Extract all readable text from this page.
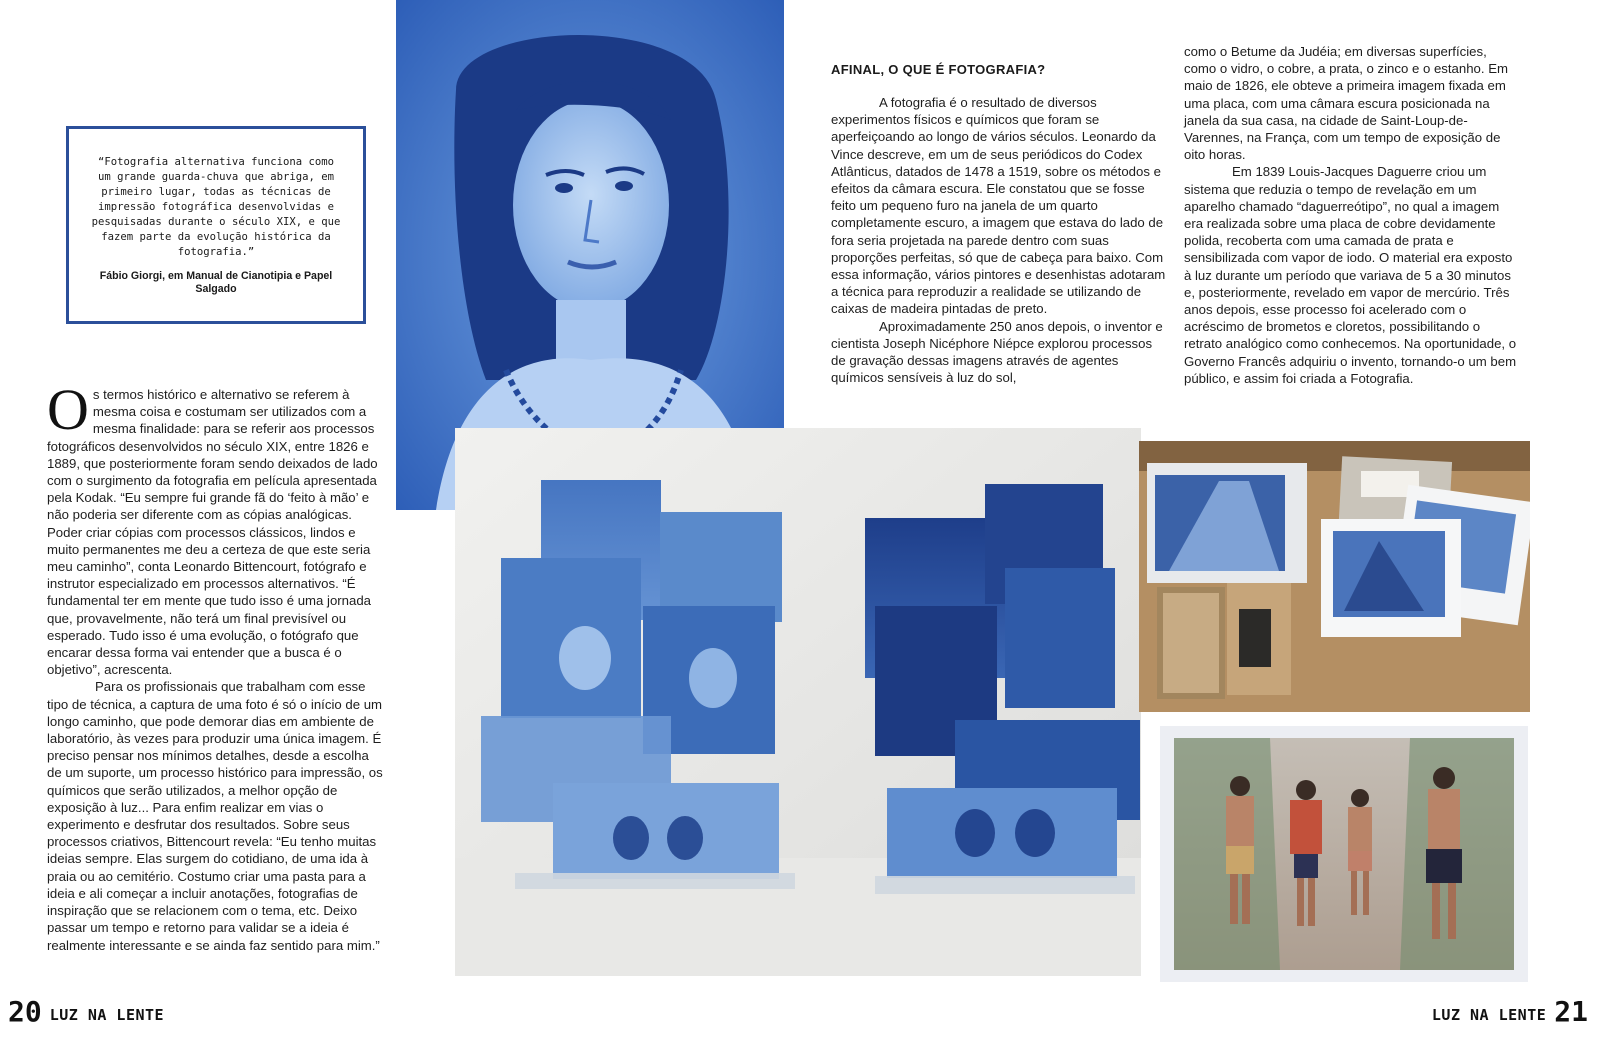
“Fotografia alternativa funciona como um grande guarda-chuva que abriga, em primeiro lugar, todas as técnicas de impressão fotográfica desenvolvidas e pesquisadas durante o século XIX, e que fazem parte da evolução histórica da fotografia.”
Fábio Giorgi, em Manual de Cianotipia e Papel Salgado

Os termos histórico e alternativo se referem à mesma coisa e costumam ser utilizados com a mesma finalidade: para se referir aos processos fotográficos desenvolvidos no século XIX, entre 1826 e 1889, que posteriormente foram sendo deixados de lado com o surgimento da fotografia em película apresentada pela Kodak. “Eu sempre fui grande fã do ‘feito à mão’ e não poderia ser diferente com as cópias analógicas. Poder criar cópias com processos clássicos, lindos e muito permanentes me deu a certeza de que este seria meu caminho”, conta Leonardo Bittencourt, fotógrafo e instrutor especializado em processos alternativos. “É fundamental ter em mente que tudo isso é uma jornada que, provavelmente, não terá um final previsível ou esperado. Tudo isso é uma evolução, o fotógrafo que encarar dessa forma vai entender que a busca é o objetivo”, acrescenta.

Para os profissionais que trabalham com esse tipo de técnica, a captura de uma foto é só o início de um longo caminho, que pode demorar dias em ambiente de laboratório, às vezes para produzir uma única imagem. É preciso pensar nos mínimos detalhes, desde a escolha de um suporte, um processo histórico para impressão, os químicos que serão utilizados, a melhor opção de exposição à luz... Para enfim realizar em vias o experimento e desfrutar dos resultados. Sobre seus processos criativos, Bittencourt revela: “Eu tenho muitas ideias sempre. Elas surgem do cotidiano, de uma ida à praia ou ao cemitério. Costumo criar uma pasta para a ideia e ali começar a incluir anotações, fotografias de inspiração que se relacionem com o tema, etc. Deixo passar um tempo e retorno para validar se a ideia é realmente interessante e se ainda faz sentido para mim.”

AFINAL, O QUE É FOTOGRAFIA?

A fotografia é o resultado de diversos experimentos físicos e químicos que foram se aperfeiçoando ao longo de vários séculos. Leonardo da Vince descreve, em um de seus periódicos do Codex Atlânticus, datados de 1478 a 1519, sobre os métodos e efeitos da câmara escura. Ele constatou que se fosse feito um pequeno furo na janela de um quarto completamente escuro, a imagem que estava do lado de fora seria projetada na parede dentro com suas proporções perfeitas, só que de cabeça para baixo. Com essa informação, vários pintores e desenhistas adotaram a técnica para reproduzir a realidade se utilizando de caixas de madeira pintadas de preto.

Aproximadamente 250 anos depois, o inventor e cientista Joseph Nicéphore Niépce explorou processos de gravação dessas imagens através de agentes químicos sensíveis à luz do sol,

como o Betume da Judéia; em diversas superfícies, como o vidro, o cobre, a prata, o zinco e o estanho. Em maio de 1826, ele obteve a primeira imagem fixada em uma placa, com uma câmara escura posicionada na janela da sua casa, na cidade de Saint-Loup-de-Varennes, na França, com um tempo de exposição de oito horas.

Em 1839 Louis-Jacques Daguerre criou um sistema que reduzia o tempo de revelação em um aparelho chamado “daguerreótipo”, no qual a imagem era realizada sobre uma placa de cobre devidamente polida, recoberta com uma camada de prata e sensibilizada com vapor de iodo. O material era exposto à luz durante um período que variava de 5 a 30 minutos e, posteriormente, revelado em vapor de mercúrio. Três anos depois, esse processo foi acelerado com o acréscimo de brometos e cloretos, possibilitando o retrato analógico como conhecemos. Na oportunidade, o Governo Francês adquiriu o invento, tornando-o um bem público, e assim foi criada a Fotografia.

20 LUZ NA LENTE	LUZ NA LENTE 21
